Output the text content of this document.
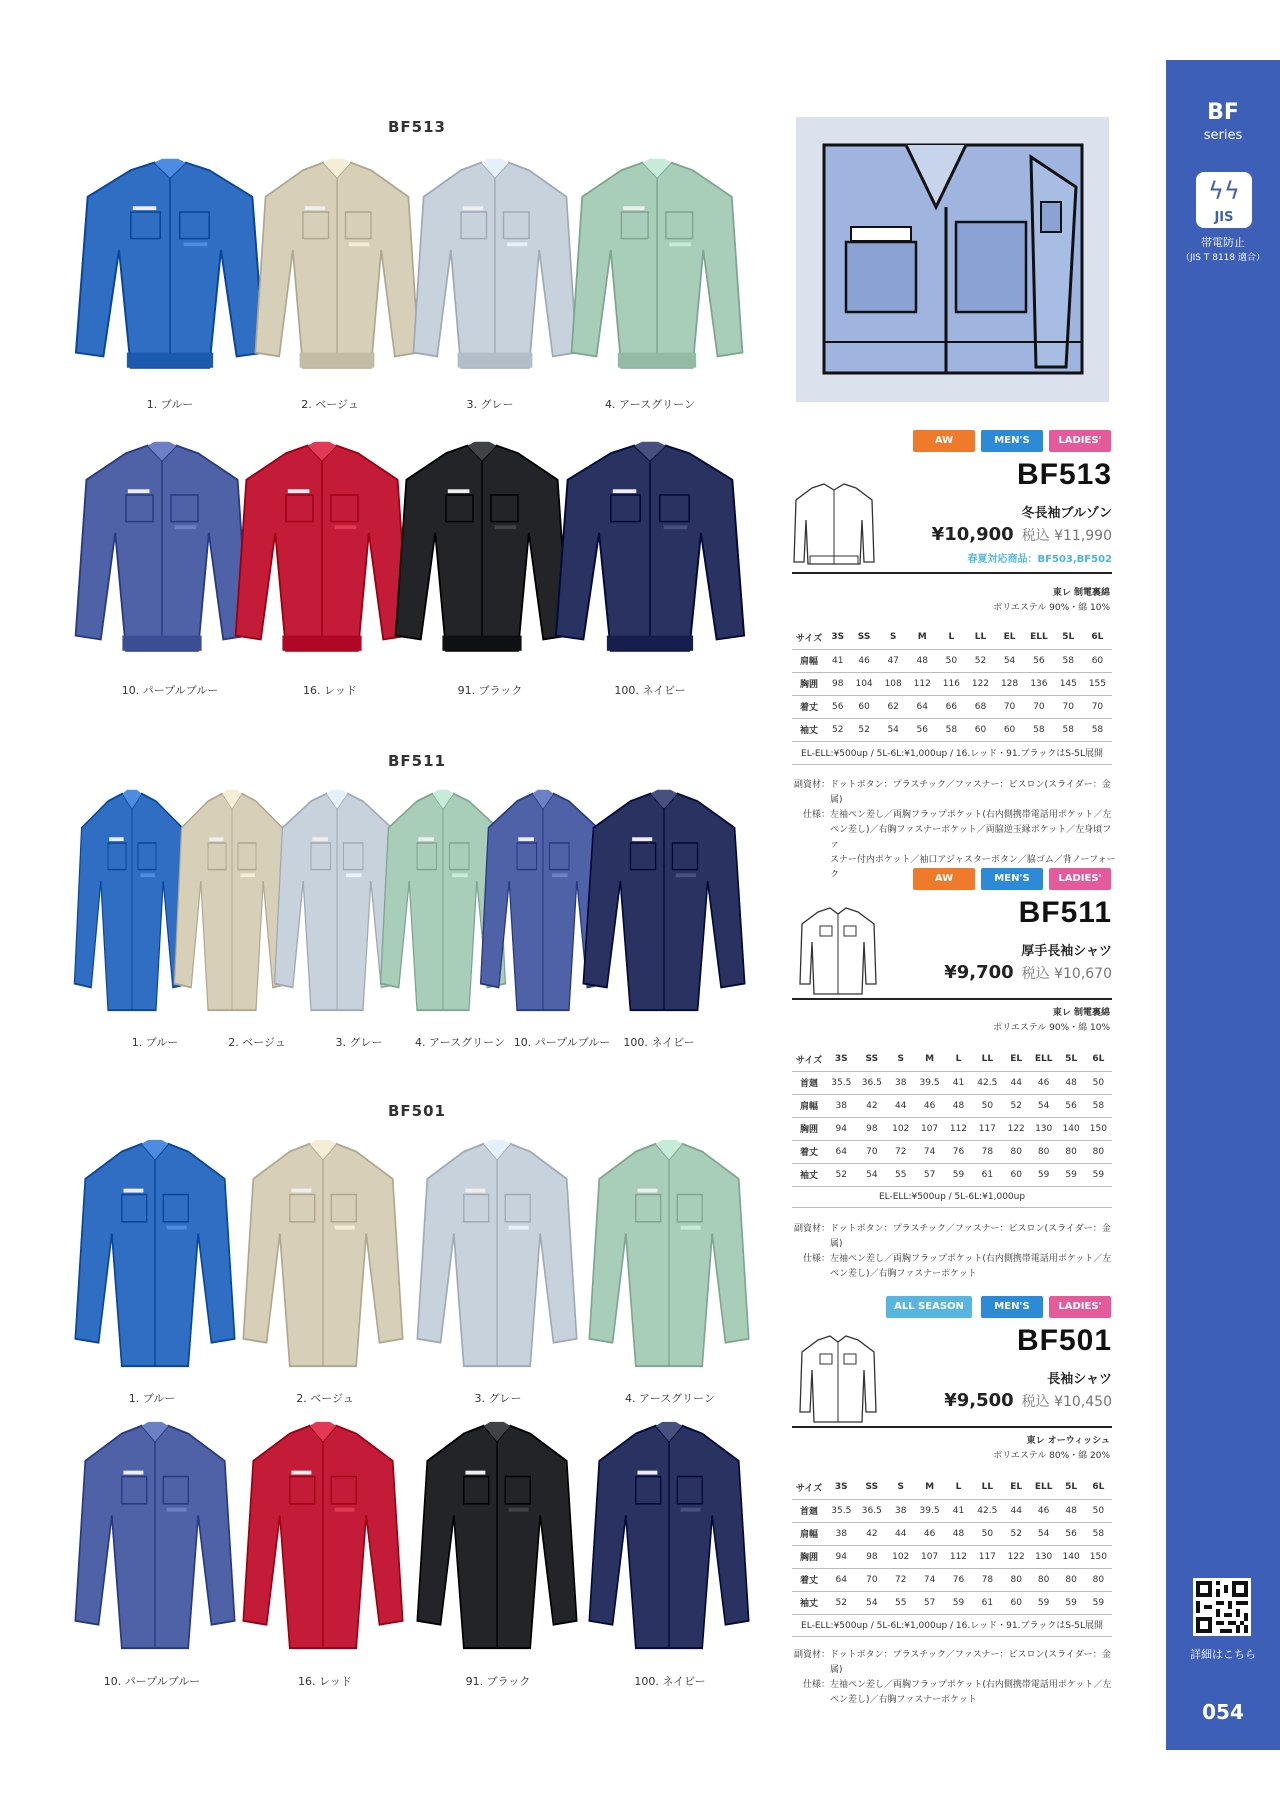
BF
series
ϟϟ
JIS
帯電防止
（JIS T 8118 適合）
詳細はこちら
054
BF513
BF511
BF501
1. ブルー	2. ベージュ	3. グレー	4. アースグリーン
10. パープルブルー	16. レッド	91. ブラック	100. ネイビー
1. ブルー	2. ベージュ	3. グレー	4. アースグリーン 10. パープルブルー	100. ネイビー
1. ブルー	2. ベージュ	3. グレー	4. アースグリーン
10. パープルブルー	16. レッド	91. ブラック	100. ネイビー
AW	MEN'S	LADIES'
BF513
冬長袖ブルゾン
¥10,900 税込 ¥11,990
春夏対応商品：BF503,BF502
東レ 制電裏綿
ポリエステル 90%・綿 10%
サイズ	3S	SS	S	M	L	LL	EL	ELL	5L	6L
肩幅	41	46	47	48	50	52	54	56	58	60
胸囲	98	104	108	112	116	122	128	136	145	155
着丈	56	60	62	64	66	68	70	70	70	70
袖丈	52	52	54	56	58	60	60	58	58	58
EL-ELL:¥500up / 5L-6L:¥1,000up / 16.レッド・91.ブラックはS-5L展開
副資材： ドットボタン：プラスチック／ファスナー：ビスロン(スライダー：金属)
仕様： 左袖ペン差し／両胸フラップポケット(右内側携帯電話用ポケット／左
ペン差し)／右胸ファスナーポケット／両脇逆玉縁ポケット／左身頃ファ
スナー付内ポケット／袖口アジャスターボタン／脇ゴム／背ノーフォーク	AW	MEN'S	LADIES'
BF511
厚手長袖シャツ
¥9,700 税込 ¥10,670
東レ 制電裏綿
ポリエステル 90%・綿 10%
サイズ	3S	SS	S	M	L	LL	EL	ELL	5L	6L
首廻	35.5	36.5	38	39.5	41	42.5	44	46	48	50
肩幅	38	42	44	46	48	50	52	54	56	58
胸囲	94	98	102	107	112	117	122	130	140	150
着丈	64	70	72	74	76	78	80	80	80	80
袖丈	52	54	55	57	59	61	60	59	59	59
EL-ELL:¥500up / 5L-6L:¥1,000up
副資材： ドットボタン：プラスチック／ファスナー：ビスロン(スライダー：金属)
仕様： 左袖ペン差し／両胸フラップポケット(右内側携帯電話用ポケット／左
ペン差し)／右胸ファスナーポケット
ALL SEASON	MEN'S	LADIES'
BF501
長袖シャツ
¥9,500 税込 ¥10,450
東レ オーウィッシュ
ポリエステル 80%・綿 20%
サイズ	3S	SS	S	M	L	LL	EL	ELL	5L	6L
首廻	35.5	36.5	38	39.5	41	42.5	44	46	48	50
肩幅	38	42	44	46	48	50	52	54	56	58
胸囲	94	98	102	107	112	117	122	130	140	150
着丈	64	70	72	74	76	78	80	80	80	80
袖丈	52	54	55	57	59	61	60	59	59	59
EL-ELL:¥500up / 5L-6L:¥1,000up / 16.レッド・91.ブラックはS-5L展開
副資材： ドットボタン：プラスチック／ファスナー：ビスロン(スライダー：金属)
仕様： 左袖ペン差し／両胸フラップポケット(右内側携帯電話用ポケット／左
ペン差し)／右胸ファスナーポケット
